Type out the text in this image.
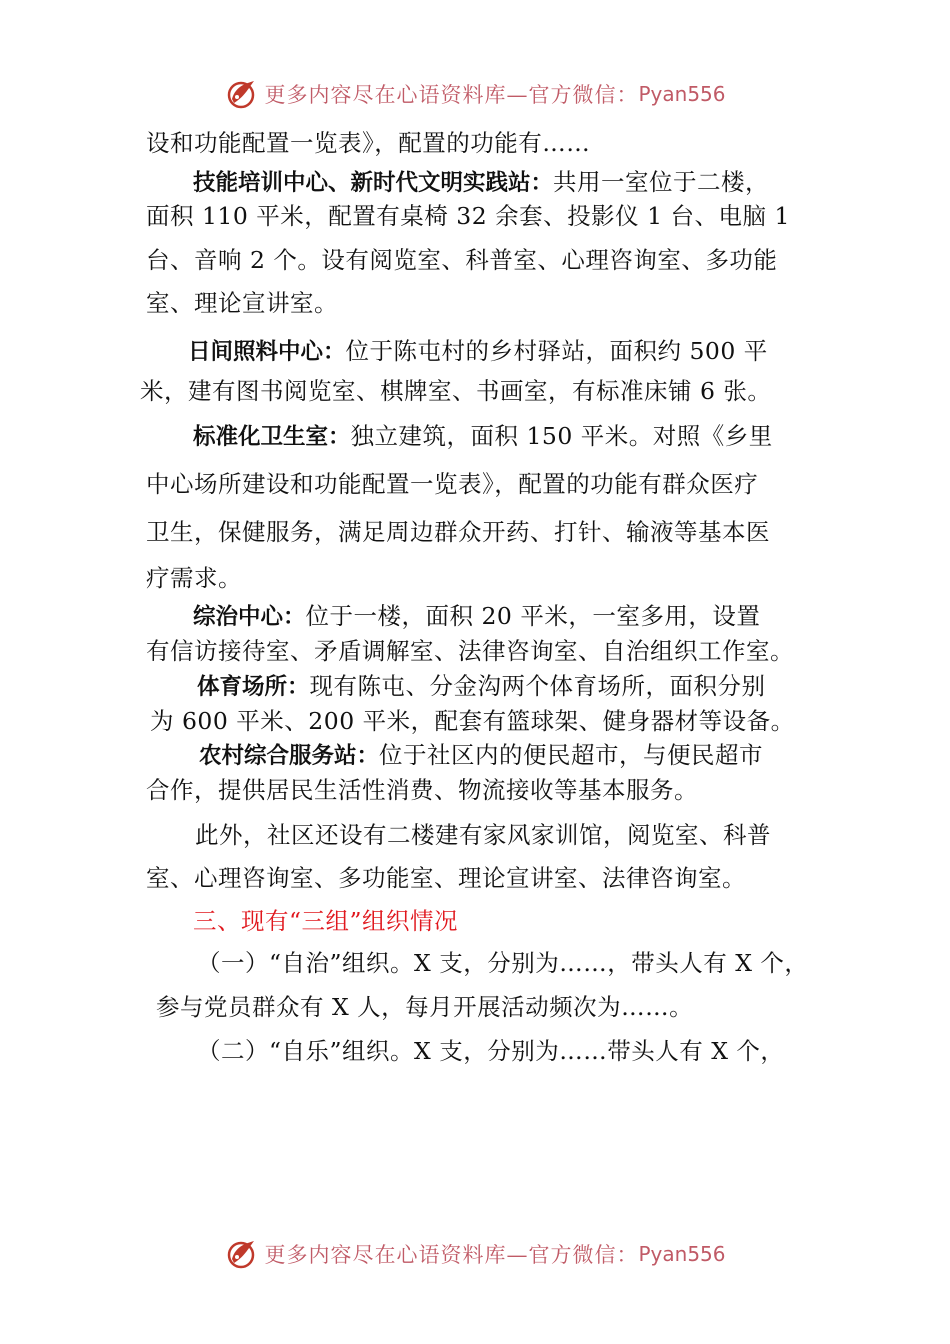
更多内容尽在心语资料库—官方微信： Pyan556
设和功能配置一览表》，配置的功能有……
技能培训中心、新时代文明实践站：共用一室位于二楼，
面积 110 平米，配置有桌椅 32 余套、投影仪 1 台、电脑 1
台、音响 2 个。设有阅览室、科普室、心理咨询室、多功能
室、理论宣讲室。
日间照料中心：位于陈屯村的乡村驿站，面积约 500 平
米，建有图书阅览室、棋牌室、书画室，有标准床铺 6 张。
标准化卫生室：独立建筑，面积 150 平米。对照《乡里
中心场所建设和功能配置一览表》，配置的功能有群众医疗
卫生，保健服务，满足周边群众开药、打针、输液等基本医
疗需求。
综治中心：位于一楼，面积 20 平米，一室多用，设置
有信访接待室、矛盾调解室、法律咨询室、自治组织工作室。
体育场所：现有陈屯、分金沟两个体育场所，面积分别
为 600 平米、200 平米，配套有篮球架、健身器材等设备。
农村综合服务站：位于社区内的便民超市，与便民超市
合作，提供居民生活性消费、物流接收等基本服务。
此外，社区还设有二楼建有家风家训馆，阅览室、科普
室、心理咨询室、多功能室、理论宣讲室、法律咨询室。
三、现有“三组”组织情况
（一）“自治”组织。X 支，分别为……，带头人有 X 个，
参与党员群众有 X 人，每月开展活动频次为……。
（二）“自乐”组织。X 支，分别为……带头人有 X 个，
更多内容尽在心语资料库—官方微信： Pyan556
